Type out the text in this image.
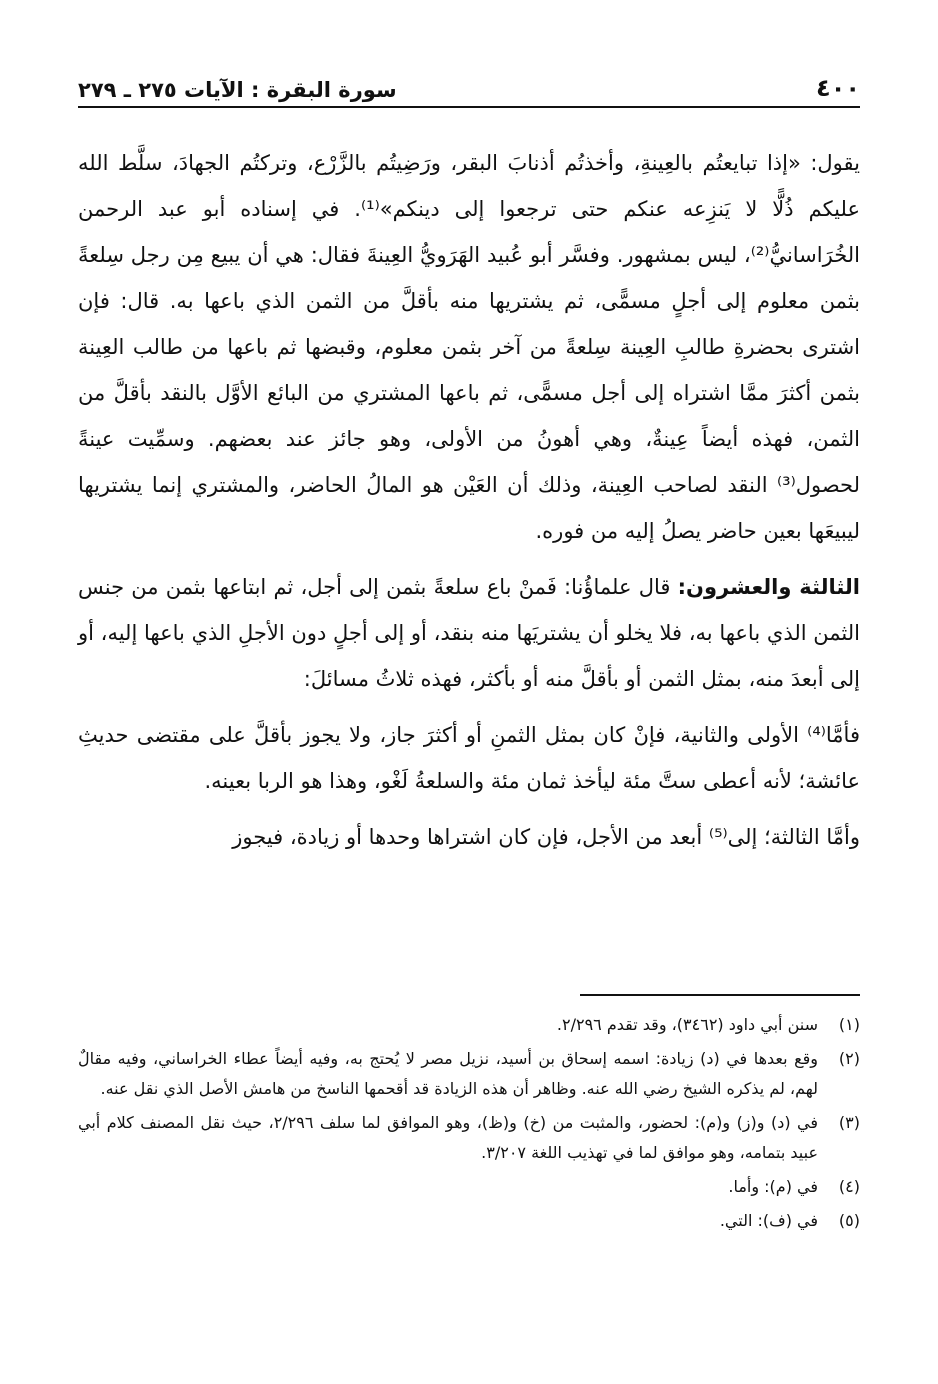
٤٠٠
سورة البقرة : الآيات ٢٧٥ ـ ٢٧٩

يقول: «إذا تبايعتُم بالعِينةِ، وأخذتُم أذنابَ البقر، ورَضِيتُم بالزَّرْع، وتركتُم الجهادَ، سلَّط الله عليكم ذُلًّا لا يَنزِعه عنكم حتى ترجعوا إلى دينكم»⁽¹⁾. في إسناده أبو عبد الرحمن الخُرَاسانيُّ⁽²⁾، ليس بمشهور. وفسَّر أبو عُبيد الهَرَويُّ العِينةَ فقال: هي أن يبيع مِن رجل سِلعةً بثمن معلوم إلى أجلٍ مسمًّى، ثم يشتريها منه بأقلَّ من الثمن الذي باعها به. قال: فإن اشترى بحضرةِ طالبِ العِينة سِلعةً من آخر بثمن معلوم، وقبضها ثم باعها من طالب العِينة بثمن أكثرَ ممَّا اشتراه إلى أجل مسمًّى، ثم باعها المشتري من البائع الأوَّل بالنقد بأقلَّ من الثمن، فهذه أيضاً عِينةٌ، وهي أهونُ من الأولى، وهو جائز عند بعضهم. وسمِّيت عينةً لحصول⁽³⁾ النقد لصاحب العِينة، وذلك أن العَيْن هو المالُ الحاضر، والمشتري إنما يشتريها ليبيعَها بعين حاضر يصلُ إليه من فوره.

الثالثة والعشرون: قال علماؤُنا: فَمنْ باع سلعةً بثمن إلى أجل، ثم ابتاعها بثمن من جنس الثمن الذي باعها به، فلا يخلو أن يشتريَها منه بنقد، أو إلى أجلٍ دون الأجلِ الذي باعها إليه، أو إلى أبعدَ منه، بمثل الثمن أو بأقلَّ منه أو بأكثر، فهذه ثلاثُ مسائلَ:

فأمَّا⁽⁴⁾ الأولى والثانية، فإنْ كان بمثل الثمنِ أو أكثرَ جاز، ولا يجوز بأقلَّ على مقتضى حديثِ عائشة؛ لأنه أعطى ستَّ مئة ليأخذ ثمان مئة والسلعةُ لَغْو، وهذا هو الربا بعينه.

وأمَّا الثالثة؛ إلى⁽⁵⁾ أبعد من الأجل، فإن كان اشتراها وحدها أو زيادة، فيجوز

(١)
سنن أبي داود (٣٤٦٢)، وقد تقدم ٢/٢٩٦.
(٢)
وقع بعدها في (د) زيادة: اسمه إسحاق بن أسيد، نزيل مصر لا يُحتج به، وفيه أيضاً عطاء الخراساني، وفيه مقالٌ لهم، لم يذكره الشيخ رضي الله عنه. وظاهر أن هذه الزيادة قد أقحمها الناسخ من هامش الأصل الذي نقل عنه.
(٣)
في (د) و(ز) و(م): لحضور، والمثبت من (خ) و(ظ)، وهو الموافق لما سلف ٢/٢٩٦، حيث نقل المصنف كلام أبي عبيد بتمامه، وهو موافق لما في تهذيب اللغة ٣/٢٠٧.
(٤)
في (م): وأما.
(٥)
في (ف): التي.
